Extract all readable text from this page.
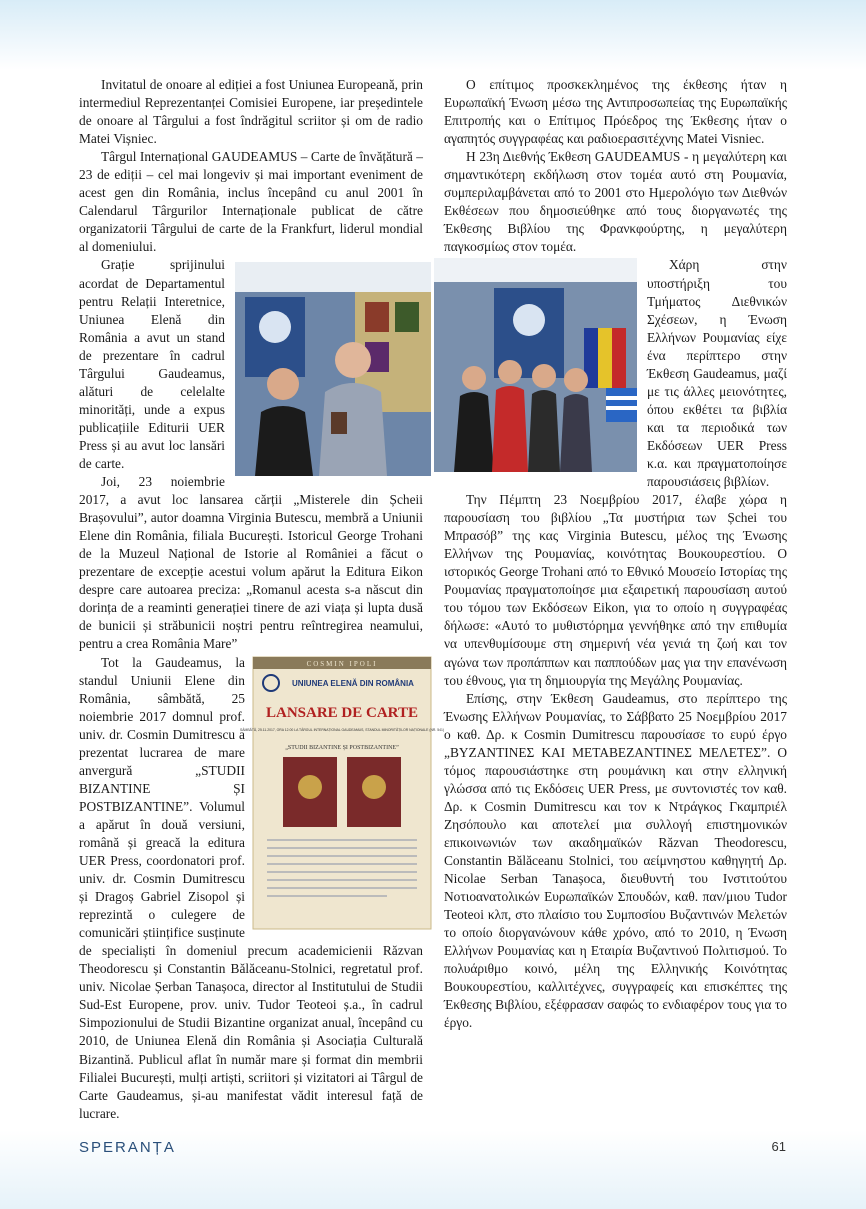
Invitatul de onoare al ediției a fost Uniunea Europeană, prin intermediul Reprezentanței Comisiei Europene, iar președintele de onoare al Târgului a fost îndrăgitul scriitor și om de radio Matei Vișniec.

Târgul Internațional GAUDEAMUS – Carte de învățătură – 23 de ediții – cel mai longeviv și mai important eveniment de acest gen din România, inclus începând cu anul 2001 în Calendarul Târgurilor Internaționale publicat de către organizatorii Târgului de carte de la Frankfurt, liderul mondial al domeniului.

Grație sprijinului acordat de Departamentul pentru Relații Interetnice, Uniunea Elenă din România a avut un stand de prezentare în cadrul Târgului Gaudeamus, alături de celelalte minorități, unde a expus publicațiile Editurii UER Press și au avut loc lansări de carte.

Joi, 23 noiembrie 2017, a avut loc lansarea cărții „Misterele din Șcheii Brașovului”, autor doamna Virginia Butescu, membră a Uniunii Elene din România, filiala București. Istoricul George Trohani de la Muzeul Național de Istorie al României a făcut o prezentare de excepție acestui volum apărut la Editura Eikon despre care autoarea preciza: „Romanul acesta s-a născut din dorința de a reaminti generației tinere de azi viața și lupta dusă de bunicii și străbunicii noștri pentru reîntregirea neamului, pentru a crea România Mare”

COSMIN IPOLI
UNIUNEA ELENĂ DIN ROMÂNIA
LANSARE DE CARTE
SÂMBĂTĂ, 25.11.2017, ORA 12.00 LA TÂRGUL INTERNAȚIONAL GAUDEAMUS, STANDUL MINORITĂȚILOR NAȚIONALE (NR. 541)
„STUDII BIZANTINE ȘI POSTBIZANTINE”
Tot la Gaudeamus, la standul Uniunii Elene din România, sâmbătă, 25 noiembrie 2017 domnul prof. univ. dr. Cosmin Dumitrescu a prezentat lucrarea de mare anvergură „STUDII BIZANTINE ȘI POSTBIZANTINE”. Volumul a apărut în două versiuni, română și greacă la editura UER Press, coordonatori prof. univ. dr. Cosmin Dumitrescu și Dragoș Gabriel Zisopol și reprezintă o culegere de comunicări științifice susținute de specialiști în domeniul precum academicienii Răzvan Theodorescu și Constantin Bălăceanu-Stolnici, regretatul prof. univ. Nicolae Șerban Tanașoca, director al Institutului de Studii Sud-Est Europene, prov. univ. Tudor Teoteoi ș.a., în cadrul Simpozionului de Studii Bizantine organizat anual, începând cu 2010, de Uniunea Elenă din România și Asociația Culturală Bizantină. Publicul aflat în număr mare și format din membrii Filialei București, mulți artiști, scriitori și vizitatori ai Târgul de Carte Gaudeamus, și-au manifestat vădit interesul față de lucrare.

Ο επίτιμος προσκεκλημένος της έκθεσης ήταν η Ευρωπαϊκή Ένωση μέσω της Αντιπροσωπείας της Ευρωπαϊκής Επιτροπής και ο Επίτιμος Πρόεδρος της Έκθεσης ήταν ο αγαπητός συγγραφέας και ραδιοερασιτέχνης Matei Visniec.

Η 23η Διεθνής Έκθεση GAUDEAMUS - η μεγαλύτερη και σημαντικότερη εκδήλωση στον τομέα αυτό στη Ρουμανία, συμπεριλαμβάνεται από το 2001 στο Ημερολόγιο των Διεθνών Εκθέσεων που δημοσιεύθηκε από τους διοργανωτές της Έκθεσης Βιβλίου της Φρανκφούρτης, η μεγαλύτερη παγκοσμίως στον τομέα.

Χάρη στην υποστήριξη του Τμήματος Διεθνικών Σχέσεων, η Ένωση Ελλήνων Ρουμανίας είχε ένα περίπτερο στην Έκθεση Gaudeamus, μαζί με τις άλλες μειονότητες, όπου εκθέτει τα βιβλία και τα περιοδικά των Εκδόσεων UER Press κ.α. και πραγματοποίησε παρουσιάσεις βιβλίων.

Την Πέμπτη 23 Νοεμβρίου 2017, έλαβε χώρα η παρουσίαση του βιβλίου „Τα μυστήρια των Șchei του Μπρασόβ” της κας Virginia Butescu, μέλος της Ένωσης Ελλήνων της Ρουμανίας, κοινότητας Βουκουρεστίου. Ο ιστορικός George Trohani από το Εθνικό Μουσείο Ιστορίας της Ρουμανίας πραγματοποίησε μια εξαιρετική παρουσίαση αυτού του τόμου των Εκδόσεων Eikon, για το οποίο η συγγραφέας δήλωσε: «Αυτό το μυθιστόρημα γεννήθηκε από την επιθυμία να υπενθυμίσουμε στη σημερινή νέα γενιά τη ζωή και τον αγώνα των προπάππων και παππούδων μας για την επανένωση του έθνους, για τη δημιουργία της Μεγάλης Ρουμανίας.

Επίσης, στην Έκθεση Gaudeamus, στο περίπτερο της Ένωσης Ελλήνων Ρουμανίας, το Σάββατο 25 Νοεμβρίου 2017 ο καθ. Δρ. κ Cosmin Dumitrescu παρουσίασε το ευρύ έργο „ΒΥΖΑΝΤΙΝΕΣ ΚΑΙ ΜΕΤΑΒΕΖΑΝΤΙΝΕΣ ΜΕΛΕΤΕΣ”. Ο τόμος παρουσιάστηκε στη ρουμάνικη και στην ελληνική γλώσσα από τις Εκδόσεις UER Press, με συντονιστές τον καθ. Δρ. κ Cosmin Dumitrescu και τον κ Ντράγκος Γκαμπριέλ Ζησόπουλο και αποτελεί μια συλλογή επιστημονικών επικοινωνιών των ακαδημαϊκών Răzvan Theodorescu, Constantin Bălăceanu Stolnici, του αείμνηστου καθηγητή Δρ. Nicolae Serban Tanașoca, διευθυντή του Ινστιτούτου Νοτιοανατολικών Ευρωπαϊκών Σπουδών, καθ. παν/μιου Tudor Teoteoi κλπ, στο πλαίσιο του Συμποσίου Βυζαντινών Μελετών το οποίο διοργανώνουν κάθε χρόνο, από το 2010, η Ένωση Ελλήνων Ρουμανίας και η Εταιρία Βυζαντινού Πολιτισμού. Το πολυάριθμο κοινό, μέλη της Ελληνικής Κοινότητας Βουκουρεστίου, καλλιτέχνες, συγγραφείς και επισκέπτες της Έκθεσης Βιβλίου, εξέφρασαν σαφώς το ενδιαφέρον τους για το έργο.

SPERANȚA	61
